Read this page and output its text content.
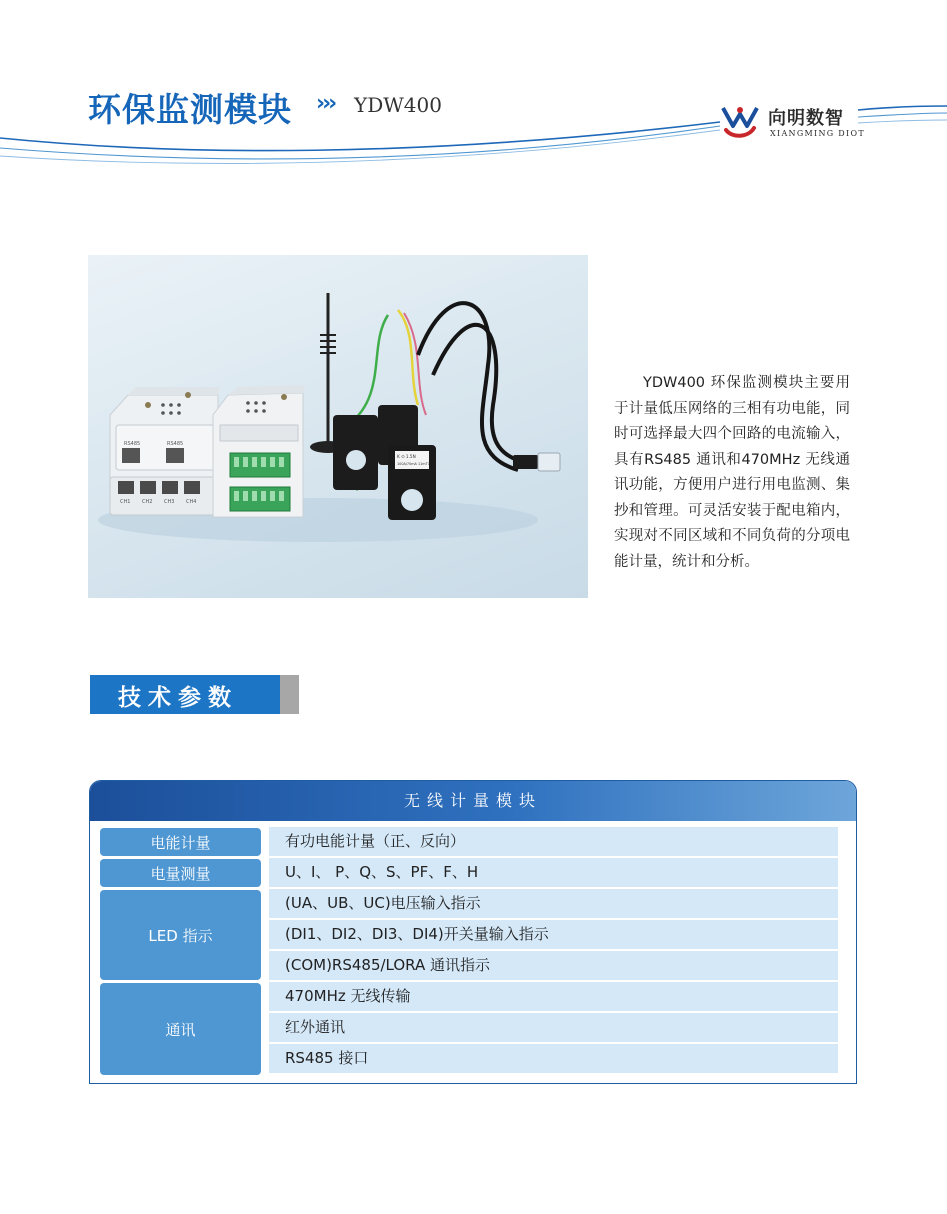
环保监测模块 ››› YDW400
向明数智
XIANGMING DIOT
RS485	RS485
CH1 CH2 CH3 CH4
K ⊙ 1.5N
100A/70mA 11mT7
YDW400 环保监测模块主要用于计量低压网络的三相有功电能，同时可选择最大四个回路的电流输入，具有RS485 通讯和470MHz 无线通讯功能，方便用户进行用电监测、集抄和管理。可灵活安装于配电箱内，实现对不同区域和不同负荷的分项电能计量，统计和分析。
技术参数
无线计量模块
电能计量	有功电能计量（正、反向）
电量测量	U、I、 P、Q、S、PF、F、H
LED 指示
(UA、UB、UC)电压输入指示
(DI1、DI2、DI3、DI4)开关量输入指示
(COM)RS485/LORA 通讯指示
通讯
470MHz 无线传输
红外通讯
RS485 接口
